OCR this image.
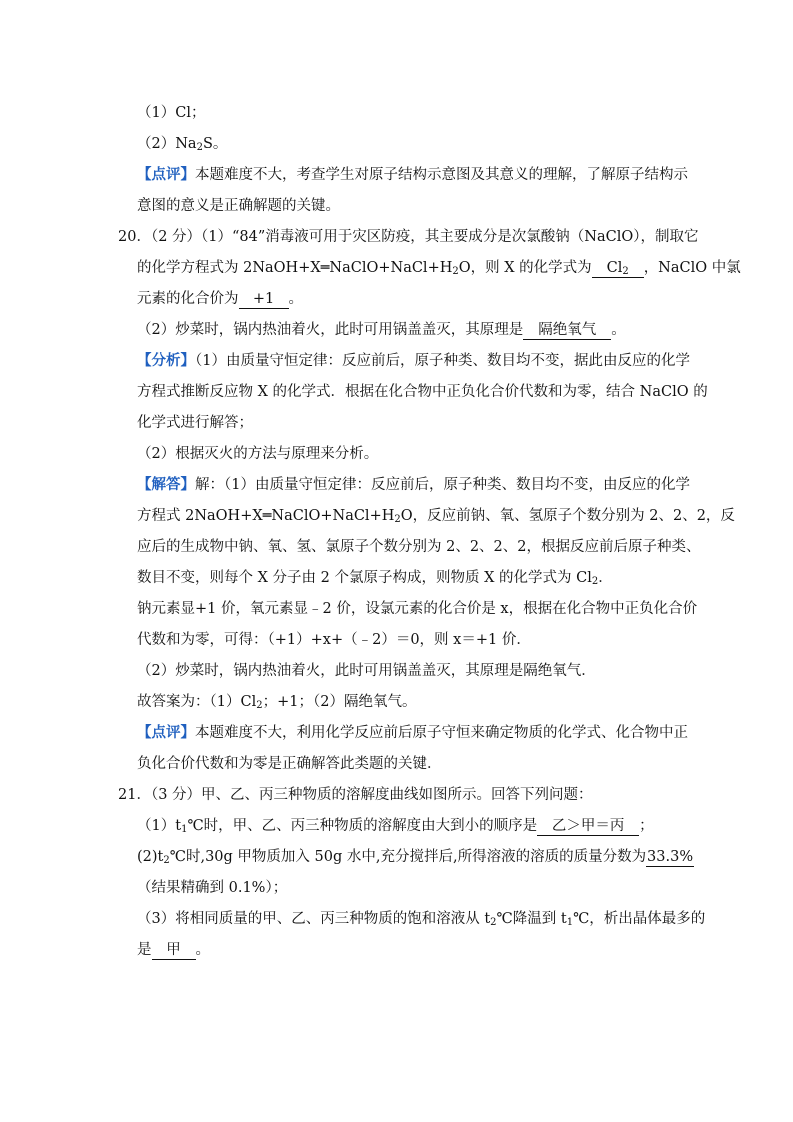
（1）Cl；
$(2)Na_2S$。
【点评】本题难度不大，考查学生对原子结构示意图及其意义的理解，了解原子结构示
意图的意义是正确解题的关键。
20．（2 分）（1）“84”消毒液可用于灾区防疫，其主要成分是次氯酸钠（NaClO），制取它
的化学方程式为 $2NaOH+X═NaClO+NaCl+H_2O$，则 X 的化学式为 $Cl_2$ ，NaClO 中氯
元素的化合价为 +1 。
（2）炒菜时，锅内热油着火，此时可用锅盖盖灭，其原理是 隔绝氧气 。
【分析】（1）由质量守恒定律：反应前后，原子种类、数目均不变，据此由反应的化学
方程式推断反应物 X 的化学式．根据在化合物中正负化合价代数和为零，结合 NaClO 的
化学式进行解答；
（2）根据灭火的方法与原理来分析。
【解答】解：（1）由质量守恒定律：反应前后，原子种类、数目均不变，由反应的化学
方程式 $2NaOH+X═NaClO+NaCl+H_2O$，反应前钠、氧、氢原子个数分别为 2、2、2，反
应后的生成物中钠、氧、氢、氯原子个数分别为 2、2、2、2，根据反应前后原子种类、
数目不变，则每个 X 分子由 2 个氯原子构成，则物质 X 的化学式为 $Cl_2$．
钠元素显+1 价，氧元素显﹣2 价，设氯元素的化合价是 x，根据在化合物中正负化合价
代数和为零，可得：（+1）+x+（﹣2）＝0，则 x＝+1 价．
（2）炒菜时，锅内热油着火，此时可用锅盖盖灭，其原理是隔绝氧气．
故答案为：$(1)Cl_2$；+1；（2）隔绝氧气。
【点评】本题难度不大，利用化学反应前后原子守恒来确定物质的化学式、化合物中正
负化合价代数和为零是正确解答此类题的关键．
21．（3 分）甲、乙、丙三种物质的溶解度曲线如图所示。回答下列问题：
$(1)t_1℃$时，甲、乙、丙三种物质的溶解度由大到小的顺序是 乙＞甲＝丙 ；
$(2)t_2℃$时,30g 甲物质加入 50g 水中,充分搅拌后,所得溶液的溶质的质量分数为33.3%
（结果精确到 0.1%）；
（3）将相同质量的甲、乙、丙三种物质的饱和溶液从 $t_2℃$降温到 $t_1℃$，析出晶体最多的
是 甲 。
